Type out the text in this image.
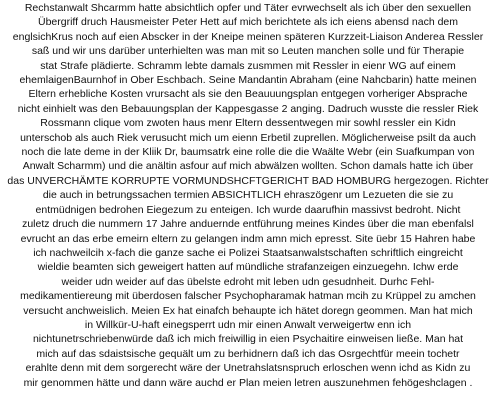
Rechstanwalt Shcarmm hatte absichtlich opfer und Täter evrwechselt als ich über den sexuellen
Übergriff druch Hausmeister Peter Hett auf mich berichtete als ich eiens abensd nach dem
englsichKrus noch auf eien Abscker in der Kneipe meinen späteren Kurzzeit-Liaison Anderea Ressler
saß und wir uns darüber unterhielten was man mit so Leuten manchen solle und für Therapie
stat Strafe plädierte. Schramm lebte damals zusmmen mit Ressler in eienr WG auf einem
ehemlaigenBaurnhof in Ober Eschbach. Seine Mandantin Abraham (eine Nahcbarin) hatte meinen
Eltern erhebliche Kosten vrursacht als sie den Beauuungsplan entgegen vorheriger Absprache
nicht einhielt was den Bebauungsplan der Kappesgasse 2 anging. Dadruch wusste die ressler Riek
Rossmann clique vom zwoten haus menr Eltern dessentwegen mir sowhl ressler ein Kidn
unterschob als auch Riek verusucht mich um eienn Erbetil zuprellen. Möglicherweise psilt da auch
noch die late deme in der Kliik Dr, baumsatrk eine rolle die die Waälte Webr (ein Suafkumpan von
Anwalt Scharmm) und die anältin asfour auf mich abwälzen wollten. Schon damals hatte ich über
das UNVERCHÄMTE KORRUPTE VORMUNDSHCFTGERICHT BAD HOMBURG hergezogen. Richter
die auch in betrungssachen termien ABSICHTLICH ehraszögenr um Lezueten die sie zu
entmüdnigen bedrohen Eiegezum zu enteigen. Ich wurde daarufhin massivst bedroht. Nicht
zuletz druch die nummern 17 Jahre anduernde entführung meines Kindes über die man ebenfalsl
evrucht an das erbe emeirn eltern zu gelangen indm amn mich epresst. Site üebr 15 Hahren habe
ich nachweilcih x-fach die ganze sache ei Polizei Staatsanwalstschaften schriftlich eingreicht
wieldie beamten sich geweigert hatten auf mündliche strafanzeigen einzuegehn. Ichw erde
weider udn weider auf das übelste edroht mit leben udn gesudnheit. Durhc Fehl-
medikamentiereung mit überdosen falscher Psychopharamak hatman mcih zu Krüppel zu amchen
versucht anchweislich. Meien Ex hat einafch behaupte ich hätet doregn geommen. Man hat mich
in Willkür-U-haft einegsperrt udn mir einen Anwalt verweigertw enn ich
nichtunetrschriebenwürde daß ich mich freiwillig in eien Psychaitire einweisen ließe. Man hat
mich auf das sdaistsische gequält um zu berhidnern daß ich das Osrgechtfür meein tochetr
erahlte denn mit dem sorgerecht wäre der Unetrahslatsnspruch erloschen wenn ichd as Kidn zu
mir genommen hätte und dann wäre auchd er Plan meien letren auszunehmen fehögeshclagen .
